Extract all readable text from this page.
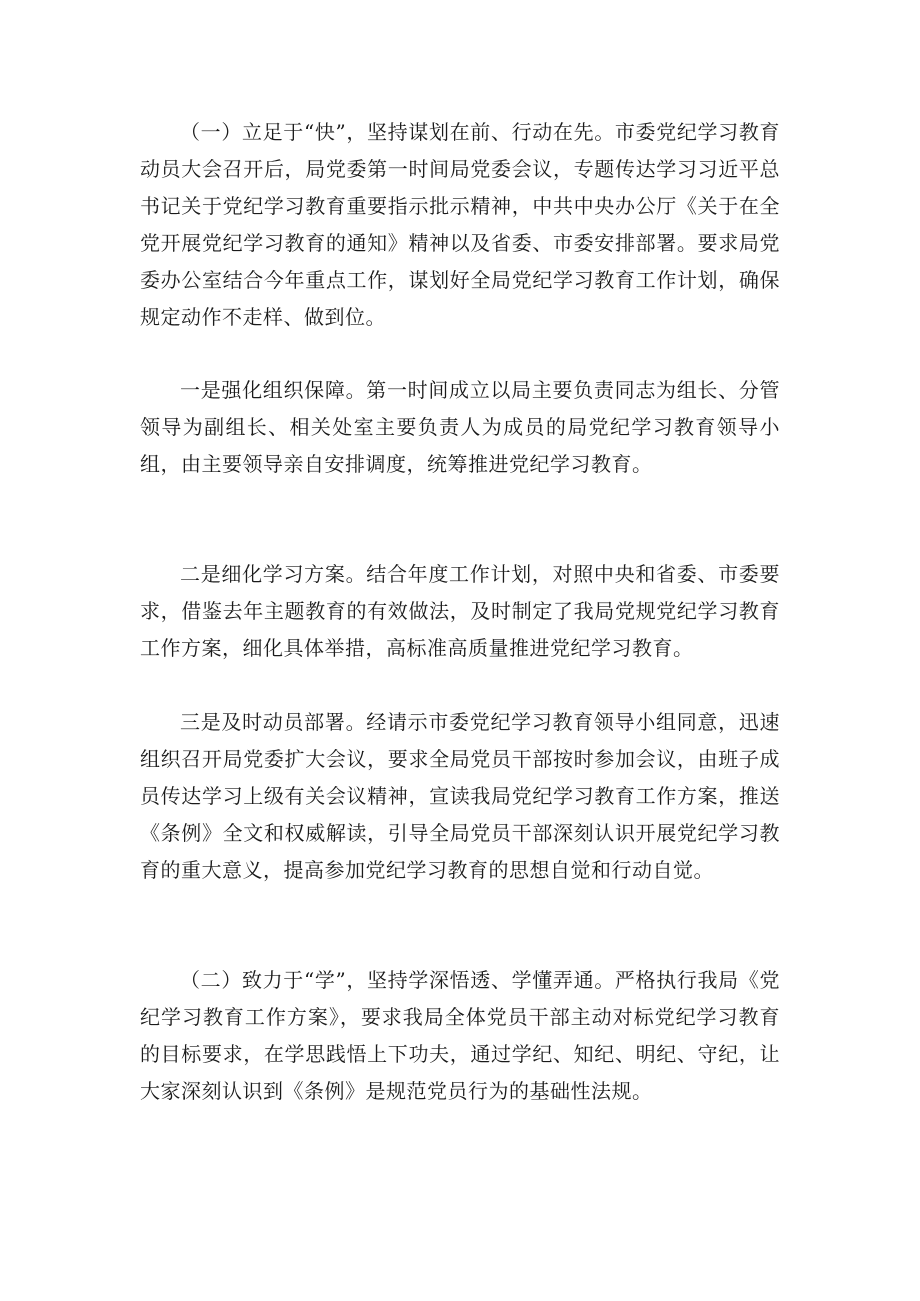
（一）立足于“快”，坚持谋划在前、行动在先。市委党纪学习教育动员大会召开后，局党委第一时间局党委会议，专题传达学习习近平总书记关于党纪学习教育重要指示批示精神，中共中央办公厅《关于在全党开展党纪学习教育的通知》精神以及省委、市委安排部署。要求局党委办公室结合今年重点工作，谋划好全局党纪学习教育工作计划，确保规定动作不走样、做到位。

一是强化组织保障。第一时间成立以局主要负责同志为组长、分管领导为副组长、相关处室主要负责人为成员的局党纪学习教育领导小组，由主要领导亲自安排调度，统筹推进党纪学习教育。

二是细化学习方案。结合年度工作计划，对照中央和省委、市委要求，借鉴去年主题教育的有效做法，及时制定了我局党规党纪学习教育工作方案，细化具体举措，高标准高质量推进党纪学习教育。

三是及时动员部署。经请示市委党纪学习教育领导小组同意，迅速组织召开局党委扩大会议，要求全局党员干部按时参加会议，由班子成员传达学习上级有关会议精神，宣读我局党纪学习教育工作方案，推送《条例》全文和权威解读，引导全局党员干部深刻认识开展党纪学习教育的重大意义，提高参加党纪学习教育的思想自觉和行动自觉。

（二）致力于“学”，坚持学深悟透、学懂弄通。严格执行我局《党纪学习教育工作方案》，要求我局全体党员干部主动对标党纪学习教育的目标要求，在学思践悟上下功夫，通过学纪、知纪、明纪、守纪，让大家深刻认识到《条例》是规范党员行为的基础性法规。
